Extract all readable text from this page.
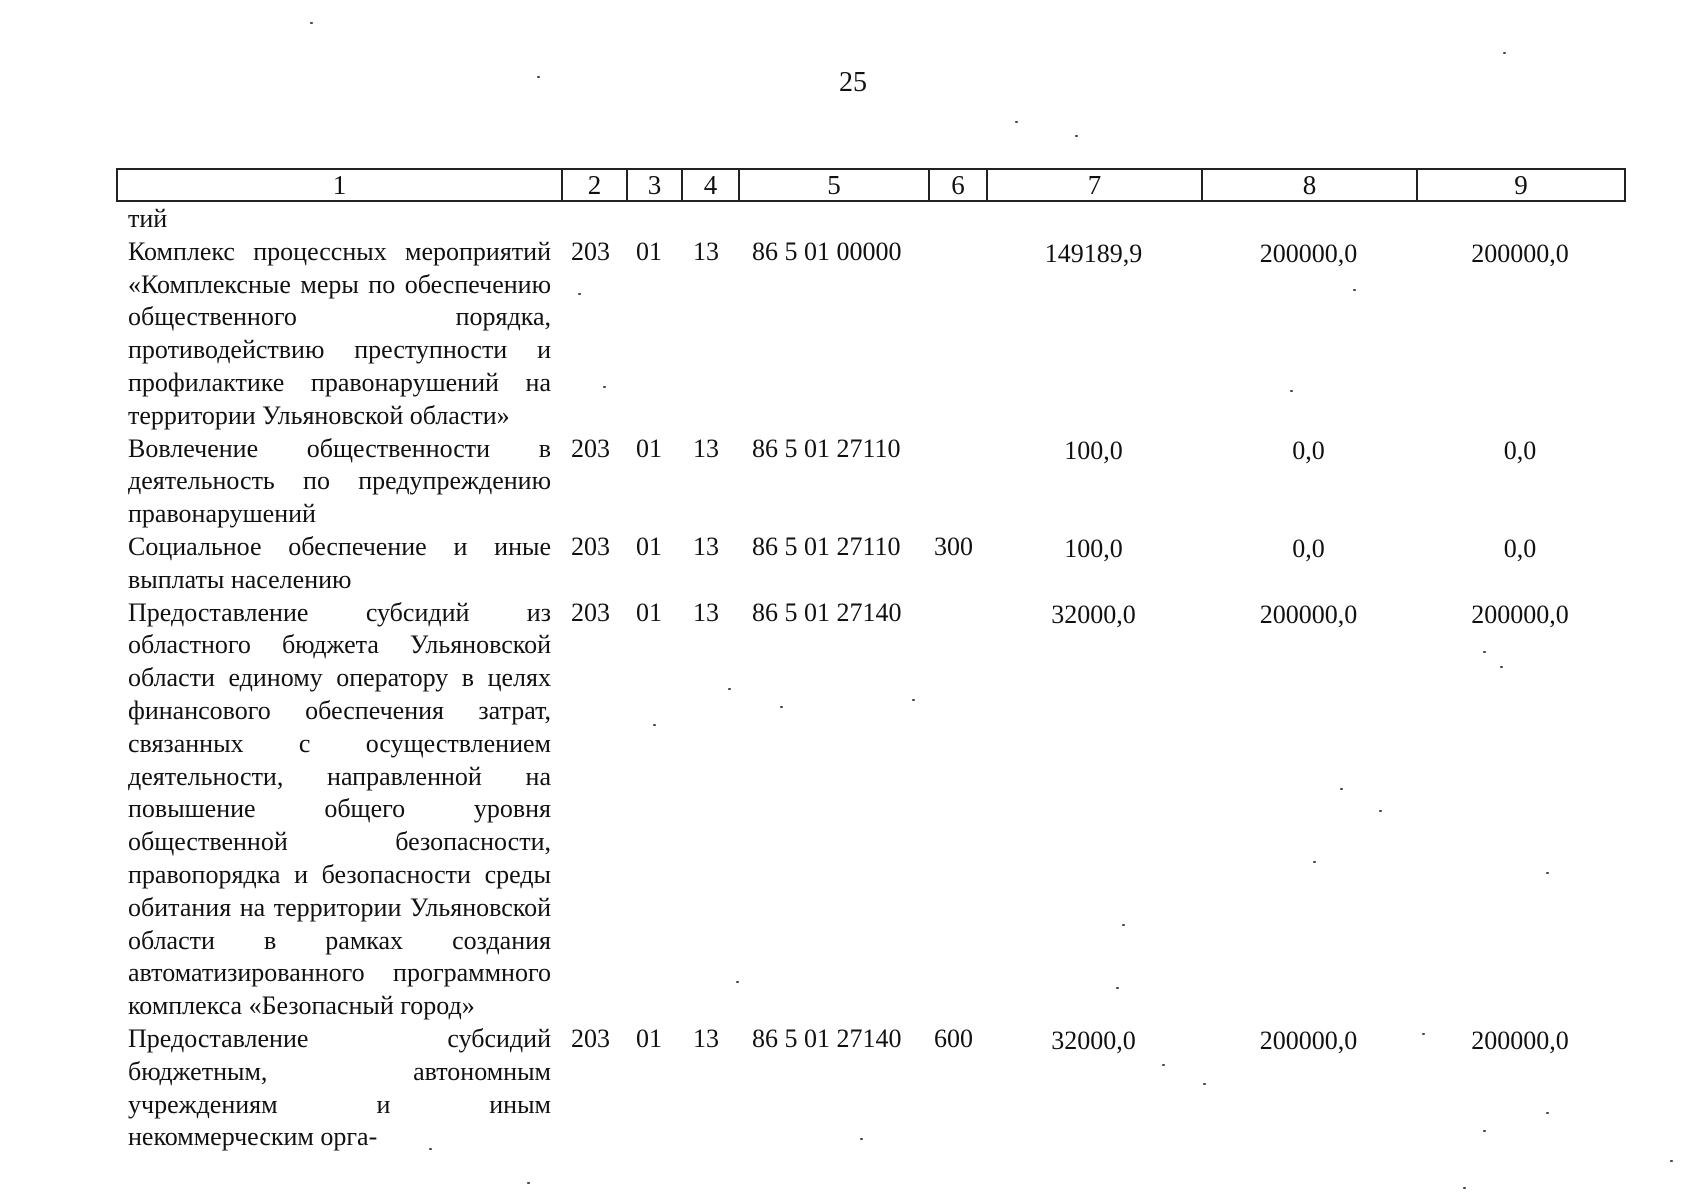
25
1	2	3	4	5	6	7	8	9
тий								
Комплекс процессных мероприятий «Комплексные меры по обеспечению общественного порядка, противодействию преступности и профилактике правонарушений на территории Ульяновской области»	203	01	13	86 5 01 00000		149189,9	200000,0	200000,0
Вовлечение общественности в деятельность по предупреждению правонарушений	203	01	13	86 5 01 27110		100,0	0,0	0,0
Социальное обеспечение и иные выплаты населению	203	01	13	86 5 01 27110	300	100,0	0,0	0,0
Предоставление субсидий из областного бюджета Ульяновской области единому оператору в целях финансового обеспечения затрат, связанных с осуществлением деятельности, направленной на повышение общего уровня общественной безопасности, правопорядка и безопасности среды обитания на территории Ульяновской области в рамках создания автоматизированного программного комплекса «Безопасный город»	203	01	13	86 5 01 27140		32000,0	200000,0	200000,0
Предоставление субсидий бюджетным, автономным учреждениям и иным некоммерческим орга-	203	01	13	86 5 01 27140	600	32000,0	200000,0	200000,0
